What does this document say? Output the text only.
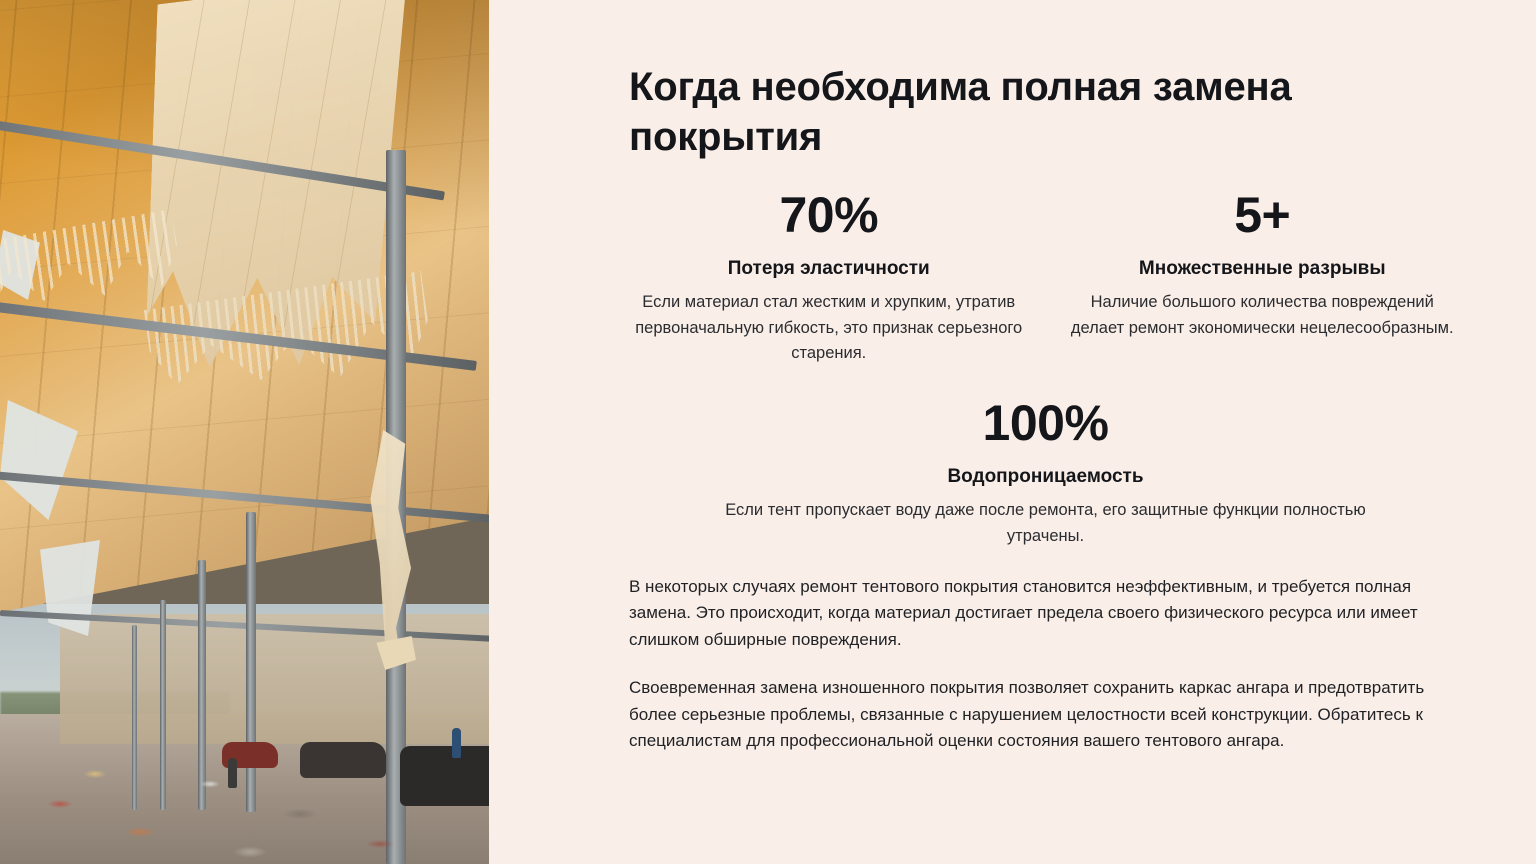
Когда необходима полная замена покрытия
70%
Потеря эластичности
Если материал стал жестким и хрупким, утратив первоначальную гибкость, это признак серьезного старения.
5+
Множественные разрывы
Наличие большого количества повреждений делает ремонт экономически нецелесообразным.
100%
Водопроницаемость
Если тент пропускает воду даже после ремонта, его защитные функции полностью утрачены.

В некоторых случаях ремонт тентового покрытия становится неэффективным, и требуется полная замена. Это происходит, когда материал достигает предела своего физического ресурса или имеет слишком обширные повреждения.

Своевременная замена изношенного покрытия позволяет сохранить каркас ангара и предотвратить более серьезные проблемы, связанные с нарушением целостности всей конструкции. Обратитесь к специалистам для профессиональной оценки состояния вашего тентового ангара.
